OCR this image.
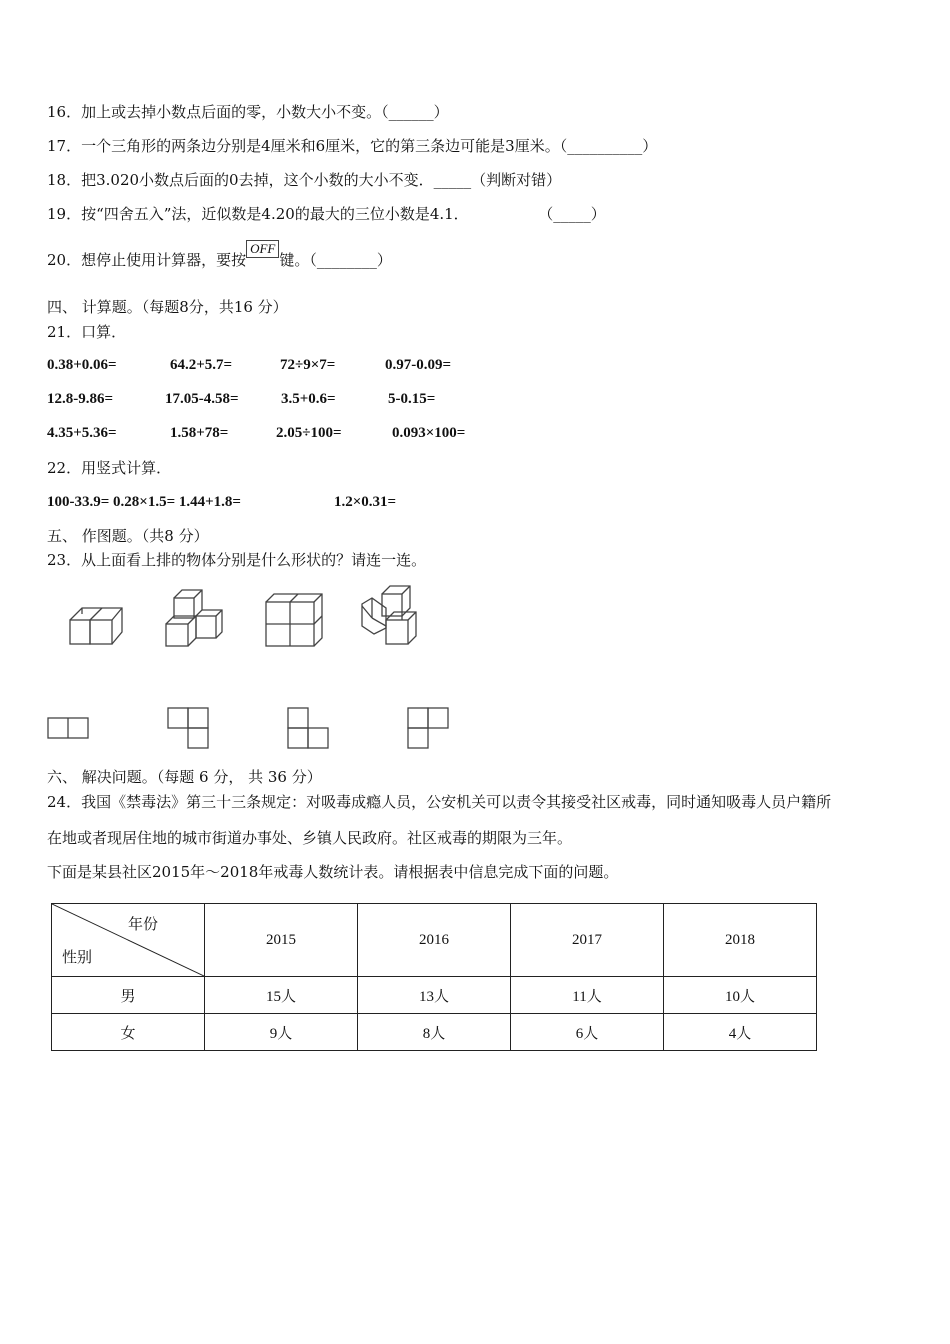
16．加上或去掉小数点后面的零，小数大小不变。（______）
17．一个三角形的两条边分别是4厘米和6厘米，它的第三条边可能是3厘米。（__________）
18．把3.020小数点后面的0去掉，这个小数的大小不变．_____（判断对错）
19．按“四舍五入”法，近似数是4.20的最大的三位小数是4.1．	（_____）
20．想停止使用计算器，要按OFF键。（________）
四、 计算题。（每题8分，共16 分）
21．口算．
0.38+0.06=	64.2+5.7=	72÷9×7=	0.97-0.09=
12.8-9.86=	17.05-4.58=	3.5+0.6=	5-0.15=
4.35+5.36=	1.58+78=	2.05÷100=	0.093×100=
22．用竖式计算．
100-33.9= 0.28×1.5= 1.44+1.8=	1.2×0.31=
五、 作图题。（共8 分）
23．从上面看上排的物体分别是什么形状的？请连一连。
六、 解决问题。（每题 6 分， 共 36 分）
24．我国《禁毒法》第三十三条规定：对吸毒成瘾人员，公安机关可以责令其接受社区戒毒，同时通知吸毒人员户籍所
在地或者现居住地的城市街道办事处、乡镇人民政府。社区戒毒的期限为三年。
下面是某县社区2015年～2018年戒毒人数统计表。请根据表中信息完成下面的问题。
年份
性别	2015	2016	2017	2018
男	15人	13人	11人	10人
女	9人	8人	6人	4人
